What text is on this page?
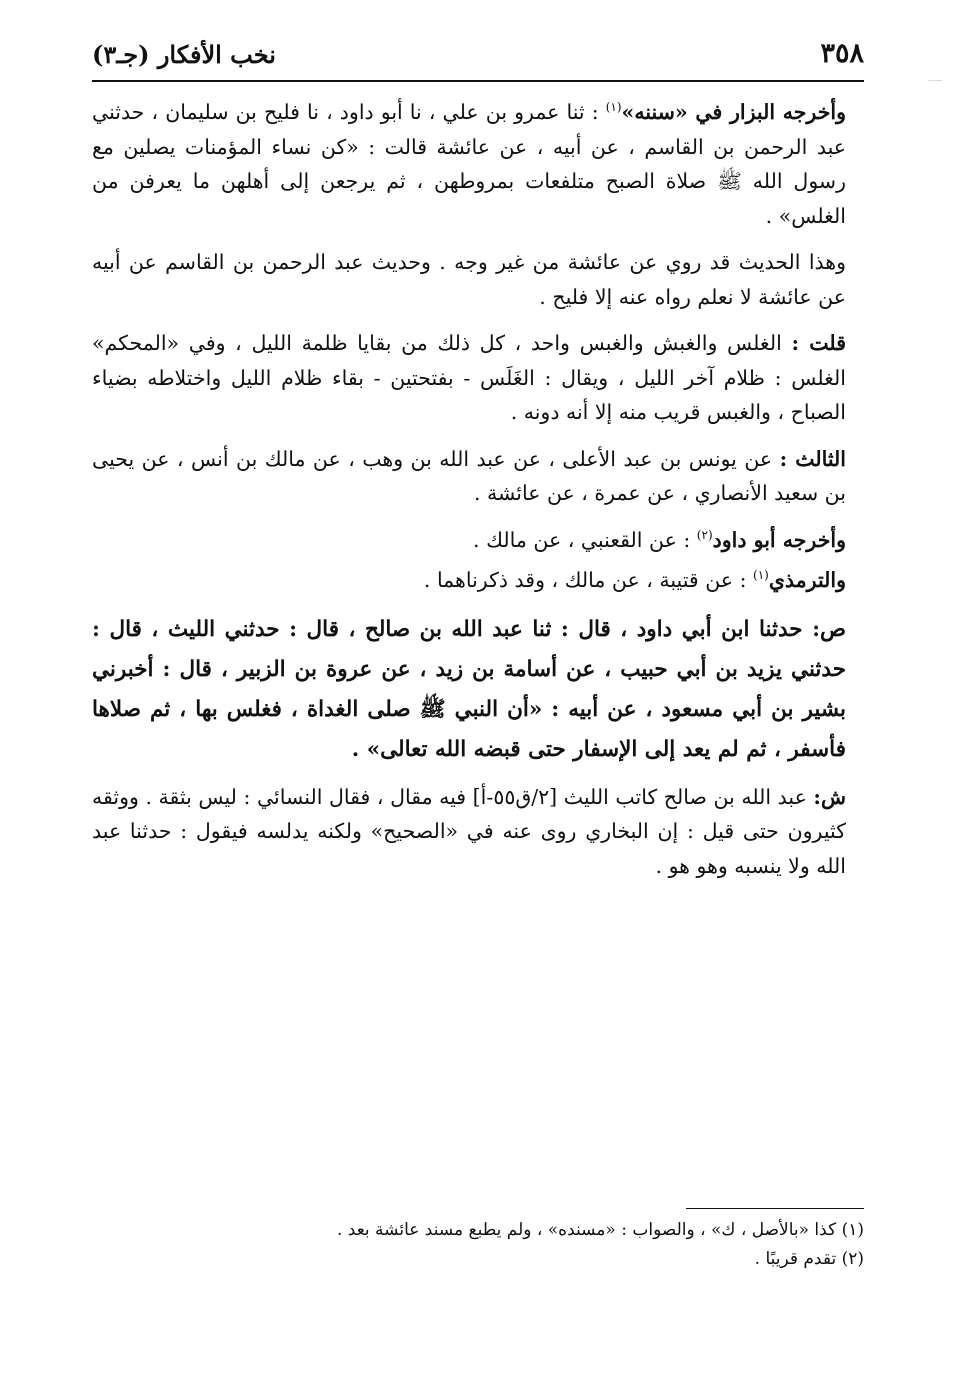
٣٥٨
نخب الأفكار (جـ٣)

وأخرجه البزار في «سننه»$^{(١)}$ : ثنا عمرو بن علي ، نا أبو داود ، نا فليح بن سليمان ، حدثني عبد الرحمن بن القاسم ، عن أبيه ، عن عائشة قالت : «كن نساء المؤمنات يصلين مع رسول الله ﷺ صلاة الصبح متلفعات بمروطهن ، ثم يرجعن إلى أهلهن ما يعرفن من الغلس» .

وهذا الحديث قد روي عن عائشة من غير وجه . وحديث عبد الرحمن بن القاسم عن أبيه عن عائشة لا نعلم رواه عنه إلا فليح .

قلت : الغلس والغبش والغبس واحد ، كل ذلك من بقايا ظلمة الليل ، وفي «المحكم» الغلس : ظلام آخر الليل ، ويقال : الغَلَس - بفتحتين - بقاء ظلام الليل واختلاطه بضياء الصباح ، والغبس قريب منه إلا أنه دونه .

الثالث : عن يونس بن عبد الأعلى ، عن عبد الله بن وهب ، عن مالك بن أنس ، عن يحيى بن سعيد الأنصاري ، عن عمرة ، عن عائشة .

وأخرجه أبو داود$^{(٢)}$ : عن القعنبي ، عن مالك .

والترمذي$^{(١)}$ : عن قتيبة ، عن مالك ، وقد ذكرناهما .

ص: حدثنا ابن أبي داود ، قال : ثنا عبد الله بن صالح ، قال : حدثني الليث ، قال : حدثني يزيد بن أبي حبيب ، عن أسامة بن زيد ، عن عروة بن الزبير ، قال : أخبرني بشير بن أبي مسعود ، عن أبيه : «أن النبي ﷺ صلى الغداة ، فغلس بها ، ثم صلاها فأسفر ، ثم لم يعد إلى الإسفار حتى قبضه الله تعالى» .

ش: عبد الله بن صالح كاتب الليث [٢/ق٥٥-أ] فيه مقال ، فقال النسائي : ليس بثقة . ووثقه كثيرون حتى قيل : إن البخاري روى عنه في «الصحيح» ولكنه يدلسه فيقول : حدثنا عبد الله ولا ينسبه وهو هو .

(١) كذا «بالأصل ، ك» ، والصواب : «مسنده» ، ولم يطبع مسند عائشة بعد .

(٢) تقدم قريبًا .
